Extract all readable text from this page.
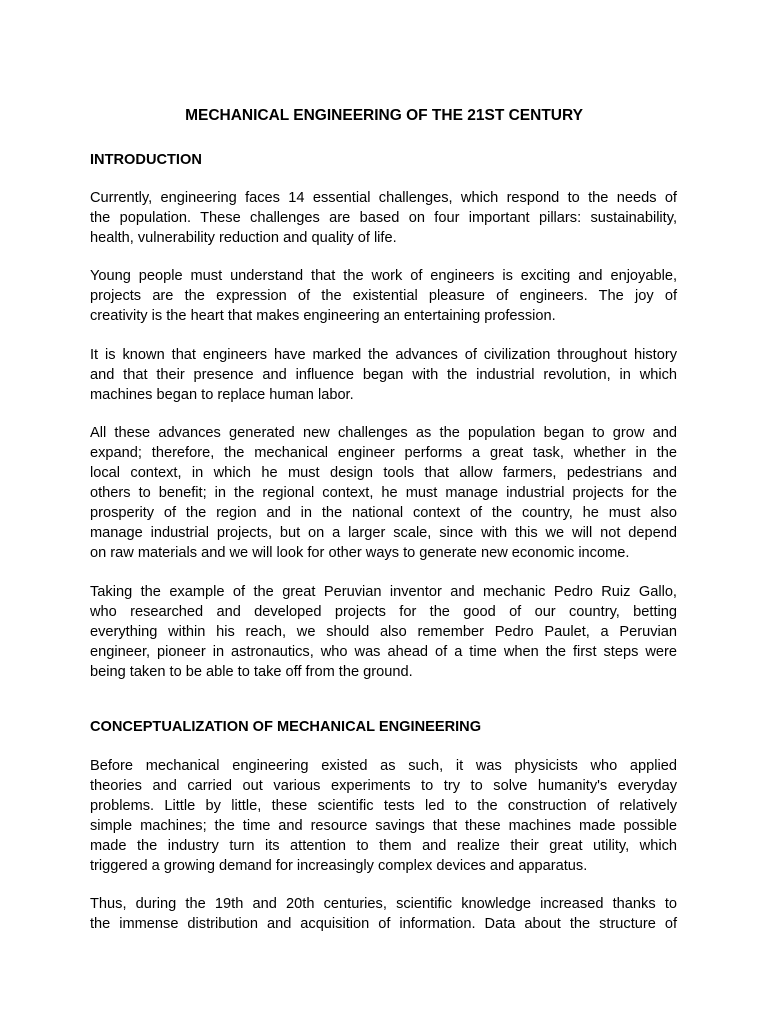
MECHANICAL ENGINEERING OF THE 21ST CENTURY
INTRODUCTION

Currently, engineering faces 14 essential challenges, which respond to the needs of
the population. These challenges are based on four important pillars: sustainability,
health, vulnerability reduction and quality of life.

Young people must understand that the work of engineers is exciting and enjoyable,
projects are the expression of the existential pleasure of engineers. The joy of
creativity is the heart that makes engineering an entertaining profession.

It is known that engineers have marked the advances of civilization throughout history
and that their presence and influence began with the industrial revolution, in which
machines began to replace human labor.

All these advances generated new challenges as the population began to grow and
expand; therefore, the mechanical engineer performs a great task, whether in the
local context, in which he must design tools that allow farmers, pedestrians and
others to benefit; in the regional context, he must manage industrial projects for the
prosperity of the region and in the national context of the country, he must also
manage industrial projects, but on a larger scale, since with this we will not depend
on raw materials and we will look for other ways to generate new economic income.

Taking the example of the great Peruvian inventor and mechanic Pedro Ruiz Gallo,
who researched and developed projects for the good of our country, betting
everything within his reach, we should also remember Pedro Paulet, a Peruvian
engineer, pioneer in astronautics, who was ahead of a time when the first steps were
being taken to be able to take off from the ground.

CONCEPTUALIZATION OF MECHANICAL ENGINEERING

Before mechanical engineering existed as such, it was physicists who applied
theories and carried out various experiments to try to solve humanity's everyday
problems. Little by little, these scientific tests led to the construction of relatively
simple machines; the time and resource savings that these machines made possible
made the industry turn its attention to them and realize their great utility, which
triggered a growing demand for increasingly complex devices and apparatus.

Thus, during the 19th and 20th centuries, scientific knowledge increased thanks to
the immense distribution and acquisition of information. Data about the structure of
